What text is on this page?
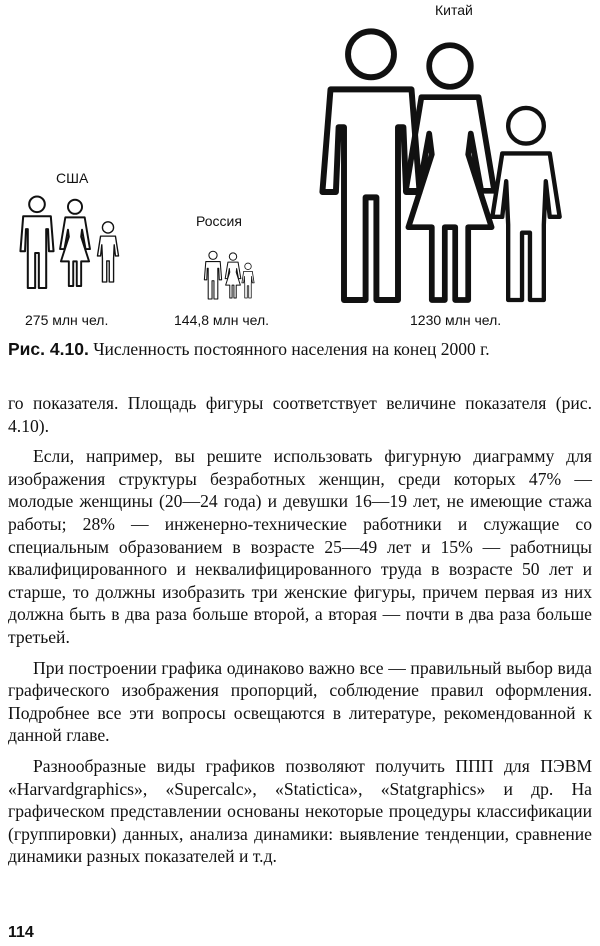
США
Россия
Китай
275 млн чел.	144,8 млн чел.	1230 млн чел.
Рис. 4.10. Численность постоянного населения на конец 2000 г.

го показателя. Площадь фигуры соответствует величине показателя (рис. 4.10).

Если, например, вы решите использовать фигурную диаграмму для изображения структуры безработных женщин, среди которых 47% — молодые женщины (20—24 года) и девушки 16—19 лет, не имеющие стажа работы; 28% — инженерно-технические работники и служащие со специальным образованием в возрасте 25—49 лет и 15% — работницы квалифицированного и неквалифицированного труда в возрасте 50 лет и старше, то должны изобразить три женские фигуры, причем первая из них должна быть в два раза больше второй, а вторая — почти в два раза больше третьей.

При построении графика одинаково важно все — правильный выбор вида графического изображения пропорций, соблюдение правил оформления. Подробнее все эти вопросы освещаются в литературе, рекомендованной к данной главе.

Разнообразные виды графиков позволяют получить ППП для ПЭВМ «Harvardgraphics», «Supercalc», «Statictica», «Statgraphics» и др. На графическом представлении основаны некоторые процедуры классификации (группировки) данных, анализа динамики: выявление тенденции, сравнение динамики разных показателей и т.д.

114
